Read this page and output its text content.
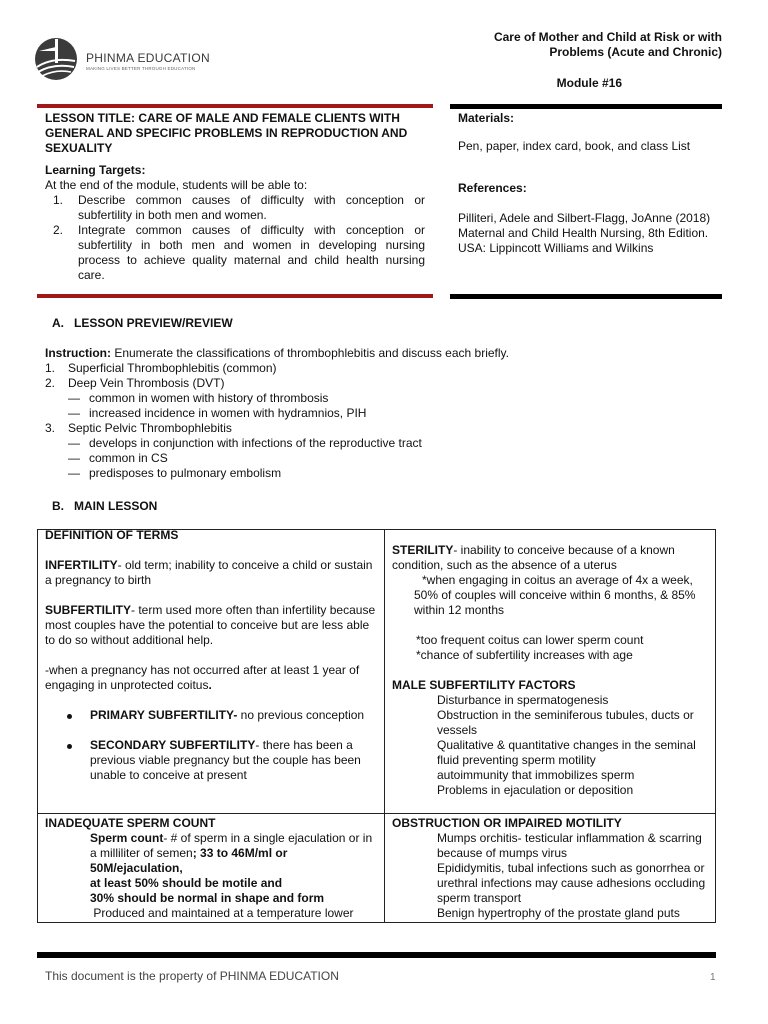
PHINMA EDUCATION
MAKING LIVES BETTER THROUGH EDUCATION
Care of Mother and Child at Risk or with
Problems (Acute and Chronic)
Module #16
LESSON TITLE: CARE OF MALE AND FEMALE CLIENTS WITH GENERAL AND SPECIFIC PROBLEMS IN REPRODUCTION AND SEXUALITY
Learning Targets:
At the end of the module, students will be able to:
1. Describe common causes of difficulty with conception or subfertility in both men and women.
2. Integrate common causes of difficulty with conception or subfertility in both men and women in developing nursing process to achieve quality maternal and child health nursing care.
Materials:
Pen, paper, index card, book, and class List
References:
Pilliteri, Adele and Silbert-Flagg, JoAnne (2018) Maternal and Child Health Nursing, 8th Edition. USA: Lippincott Williams and Wilkins
A.   LESSON PREVIEW/REVIEW
Instruction: Enumerate the classifications of thrombophlebitis and discuss each briefly.
1. Superficial Thrombophlebitis (common)
2. Deep Vein Thrombosis (DVT)
— common in women with history of thrombosis
— increased incidence in women with hydramnios, PIH
3. Septic Pelvic Thrombophlebitis
— develops in conjunction with infections of the reproductive tract
— common in CS
— predisposes to pulmonary embolism
B.   MAIN LESSON
DEFINITION OF TERMS
INFERTILITY- old term; inability to conceive a child or sustain a pregnancy to birth
SUBFERTILITY- term used more often than infertility because most couples have the potential to conceive but are less able to do so without additional help.
-when a pregnancy has not occurred after at least 1 year of engaging in unprotected coitus.
PRIMARY SUBFERTILITY- no previous conception
SECONDARY SUBFERTILITY- there has been a previous viable pregnancy but the couple has been unable to conceive at present
STERILITY- inability to conceive because of a known condition, such as the absence of a uterus
*when engaging in coitus an average of 4x a week, 50% of couples will conceive within 6 months, & 85% within 12 months
*too frequent coitus can lower sperm count
*chance of subfertility increases with age
MALE SUBFERTILITY FACTORS
Disturbance in spermatogenesis
Obstruction in the seminiferous tubules, ducts or vessels
Qualitative & quantitative changes in the seminal fluid preventing sperm motility
autoimmunity that immobilizes sperm
Problems in ejaculation or deposition
INADEQUATE SPERM COUNT
Sperm count- # of sperm in a single ejaculation or in a milliliter of semen; 33 to 46M/ml or 50M/ejaculation,
at least 50% should be motile and
30% should be normal in shape and form
Produced and maintained at a temperature lower
OBSTRUCTION OR IMPAIRED MOTILITY
Mumps orchitis- testicular inflammation & scarring because of mumps virus
Epididymitis, tubal infections such as gonorrhea or urethral infections may cause adhesions occluding sperm transport
Benign hypertrophy of the prostate gland puts
This document is the property of PHINMA EDUCATION	1
